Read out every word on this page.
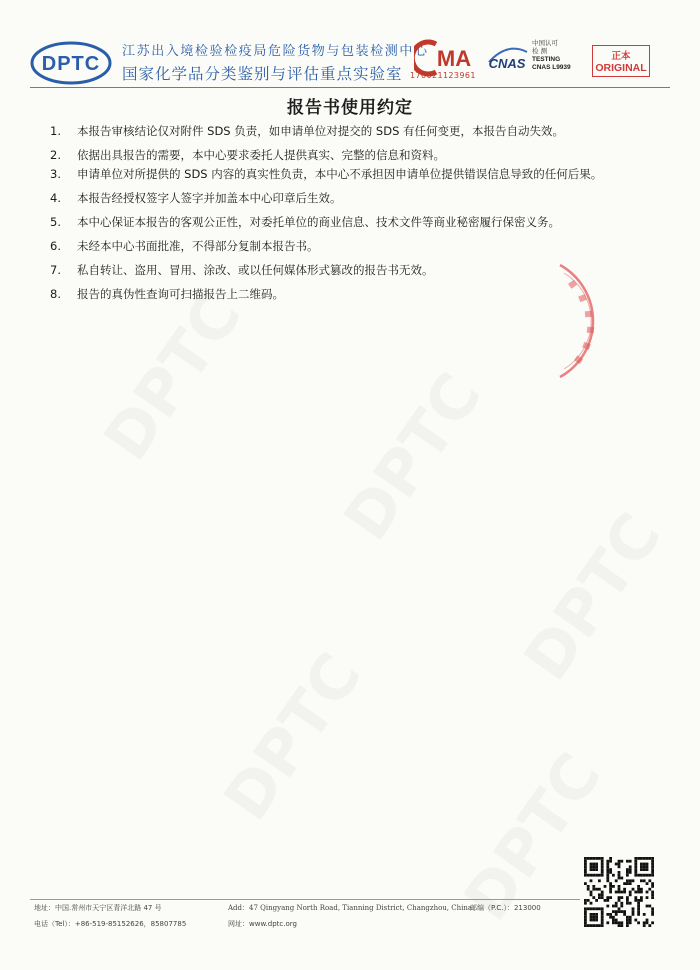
DPTC
江苏出入境检验检疫局危险货物与包装检测中心
国家化学品分类鉴别与评估重点实验室
MA
170021123961
CNAS
中国认可
检 测
TESTING
CNAS L9939
正本
ORIGINAL
报告书使用约定
1.	本报告审核结论仅对附件 SDS 负责，如申请单位对提交的 SDS 有任何变更，本报告自动失效。
2.	依据出具报告的需要，本中心要求委托人提供真实、完整的信息和资料。
3.	申请单位对所提供的 SDS 内容的真实性负责，本中心不承担因申请单位提供错误信息导致的任何后果。
4.	本报告经授权签字人签字并加盖本中心印章后生效。
5.	本中心保证本报告的客观公正性，对委托单位的商业信息、技术文件等商业秘密履行保密义务。
6.	未经本中心书面批准，不得部分复制本报告书。
7.	私自转让、盗用、冒用、涂改、或以任何媒体形式篡改的报告书无效。
8.	报告的真伪性查询可扫描报告上二维码。
地址：中国.常州市天宁区青洋北路 47 号	Add：47 Qingyang North Road, Tianning District, Changzhou, China
邮编（P.C.）：213000
电话（Tel）：+86-519-85152626，85807785	网址：www.dptc.org
